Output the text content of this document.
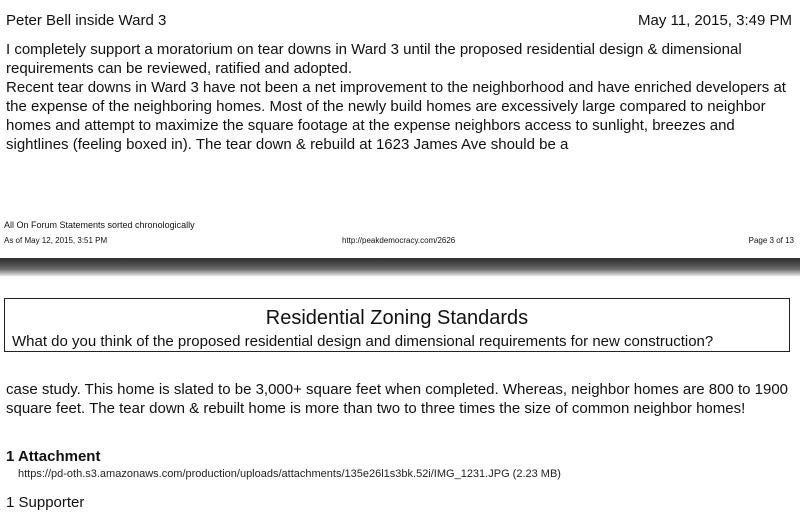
Peter Bell inside Ward 3	May 11, 2015, 3:49 PM

I completely support a moratorium on tear downs in Ward 3 until the proposed residential design & dimensional requirements can be reviewed, ratified and adopted.

Recent tear downs in Ward 3 have not been a net improvement to the neighborhood and have enriched developers at the expense of the neighboring homes. Most of the newly build homes are excessively large compared to neighbor homes and attempt to maximize the square footage at the expense neighbors access to sunlight, breezes and sightlines (feeling boxed in). The tear down & rebuild at 1623 James Ave should be a

All On Forum Statements sorted chronologically
As of May 12, 2015, 3:51 PM	http://peakdemocracy.com/2626	Page 3 of 13
Residential Zoning Standards
What do you think of the proposed residential design and dimensional requirements for new construction?
case study. This home is slated to be 3,000+ square feet when completed. Whereas, neighbor homes are 800 to 1900 square feet. The tear down & rebuilt home is more than two to three times the size of common neighbor homes!
1 Attachment
https://pd-oth.s3.amazonaws.com/production/uploads/attachments/135e26l1s3bk.52i/IMG_1231.JPG (2.23 MB)
1 Supporter
